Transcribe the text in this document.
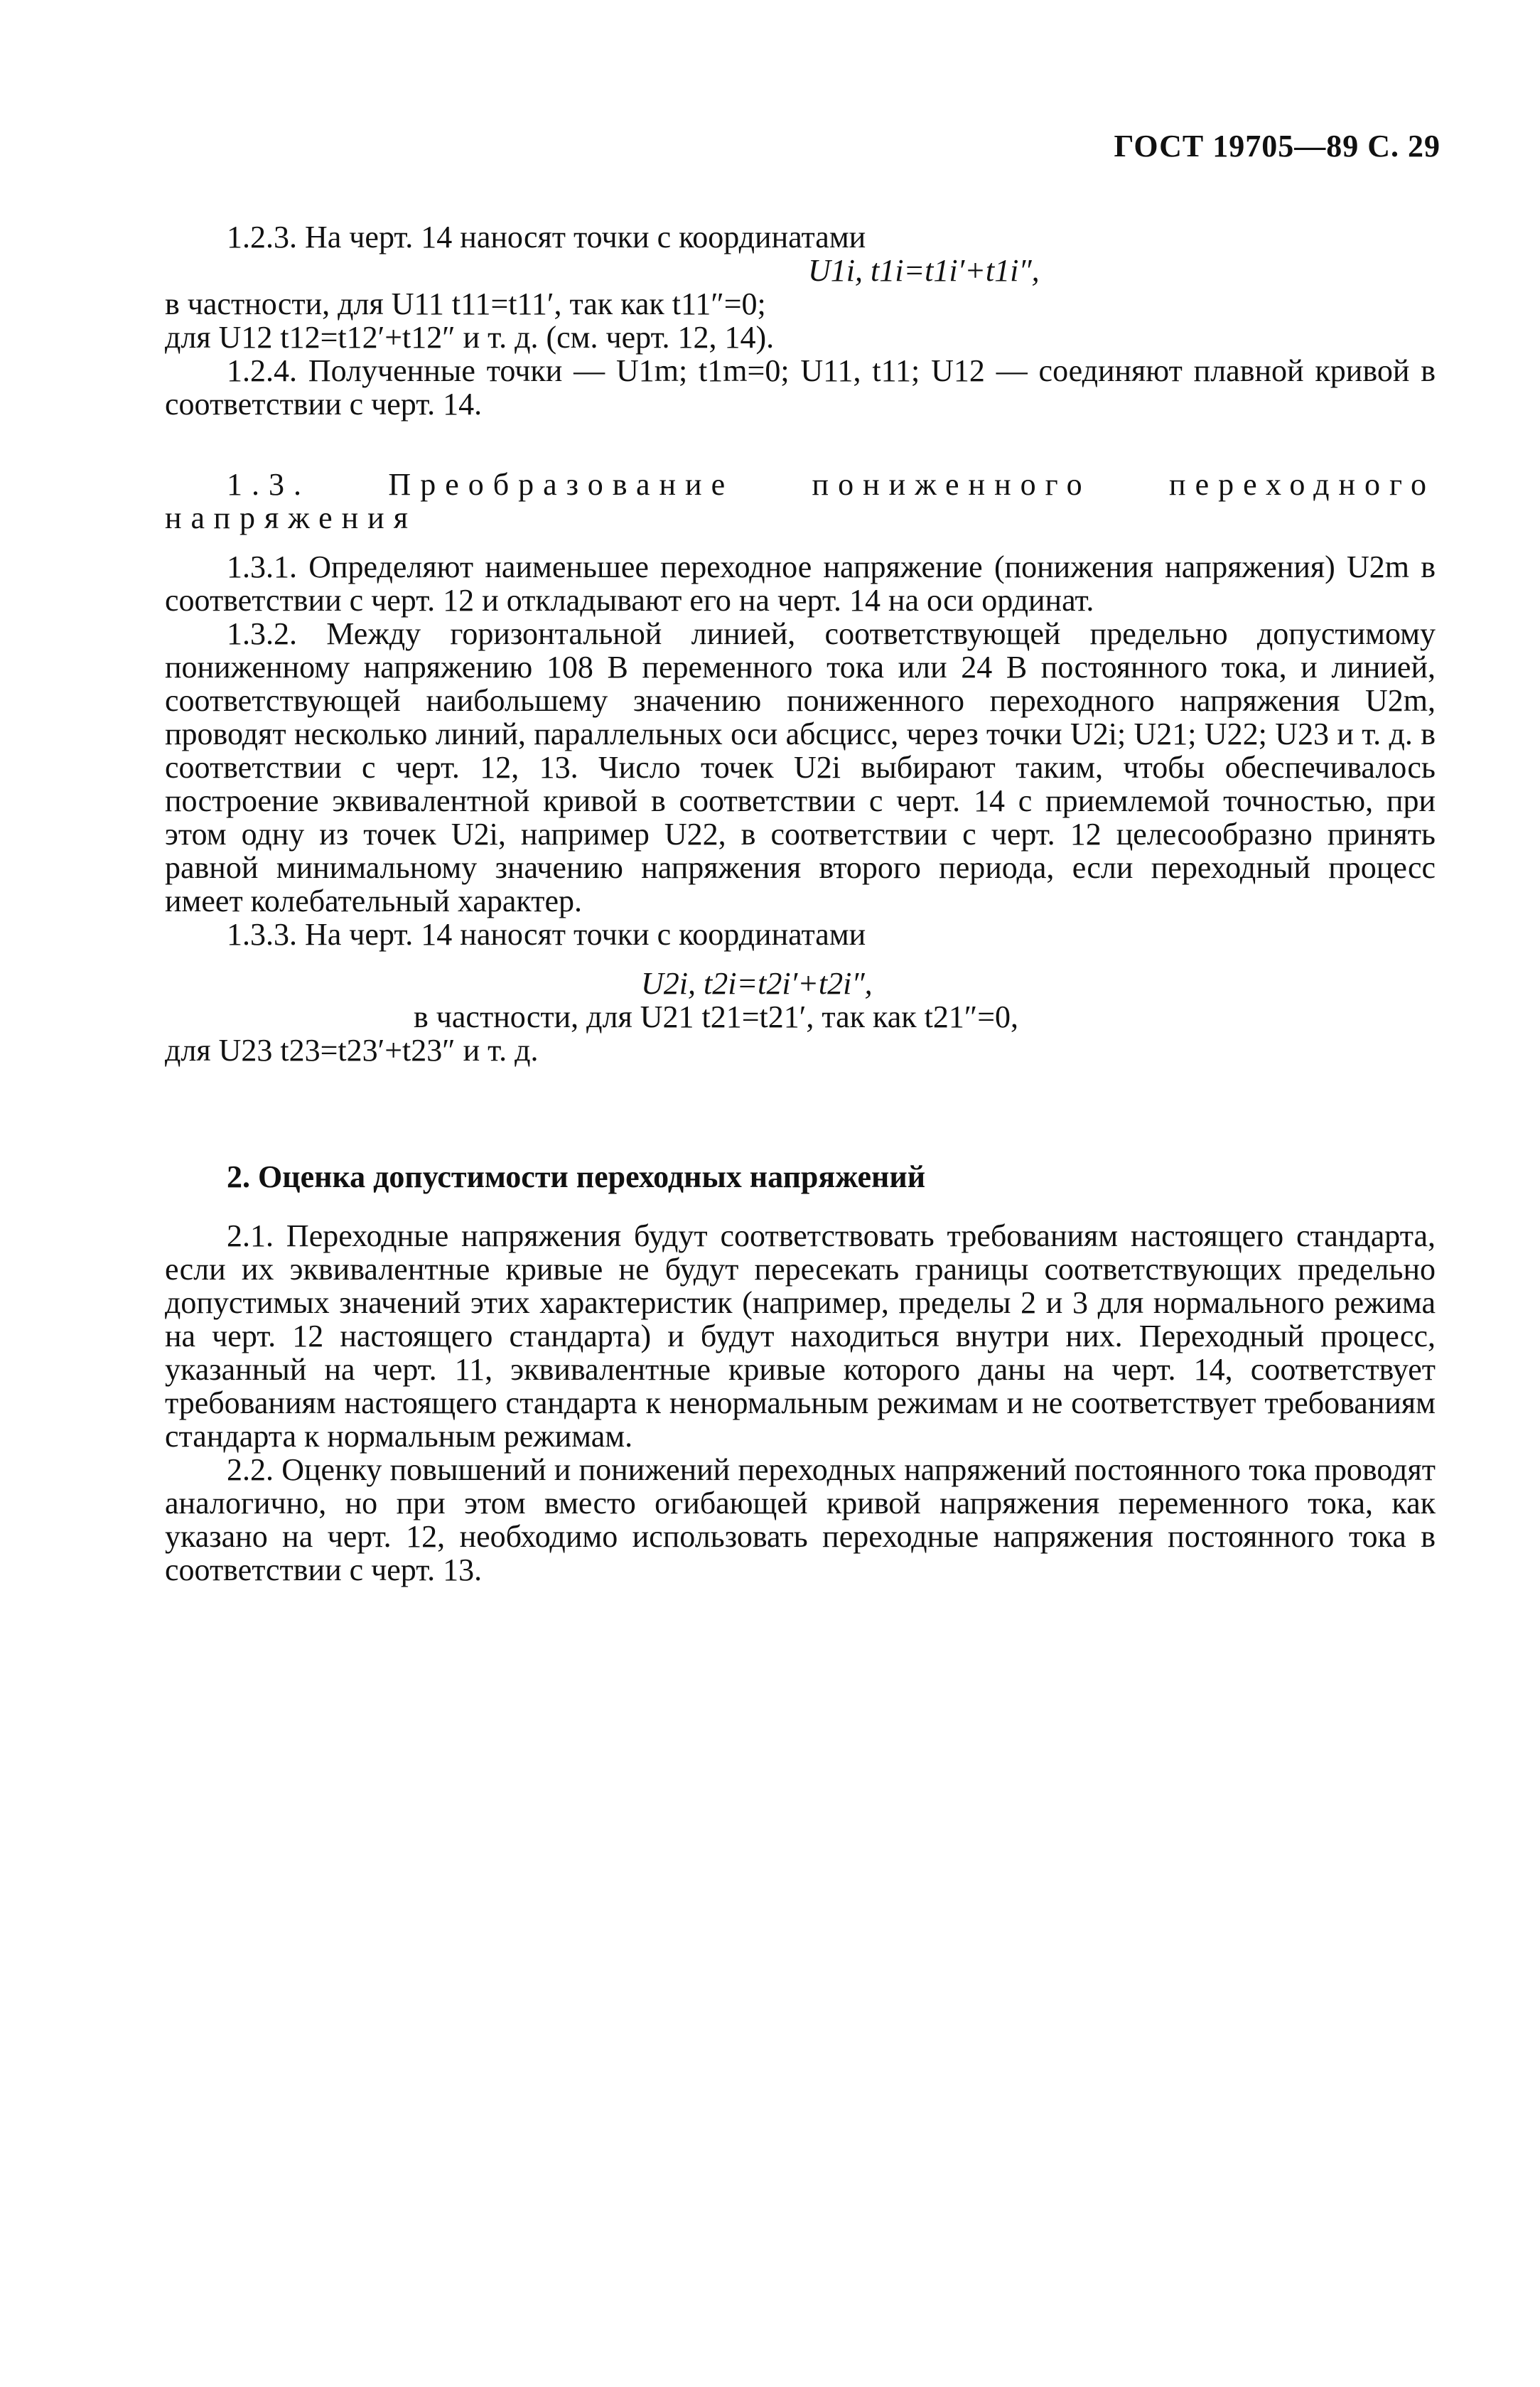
ГОСТ 19705—89 С. 29

1.2.3. На черт. 14 наносят точки с координатами

U1i, t1i=t1i′+t1i″,

в частности, для U11 t11=t11′, так как t11″=0;

для U12 t12=t12′+t12″ и т. д. (см. черт. 12, 14).

1.2.4. Полученные точки — U1m; t1m=0; U11, t11; U12 — соединяют плавной кривой в соответствии с черт. 14.

1.3. Преобразование пониженного переходного напряжения

1.3.1. Определяют наименьшее переходное напряжение (понижения напряжения) U2m в соответствии с черт. 12 и откладывают его на черт. 14 на оси ординат.

1.3.2. Между горизонтальной линией, соответствующей предельно допустимому пониженному напряжению 108 В переменного тока или 24 В постоянного тока, и линией, соответствующей наибольшему значению пониженного переходного напряжения U2m, проводят несколько линий, параллельных оси абсцисс, через точки U2i; U21; U22; U23 и т. д. в соответствии с черт. 12, 13. Число точек U2i выбирают таким, чтобы обеспечивалось построение эквивалентной кривой в соответствии с черт. 14 с приемлемой точностью, при этом одну из точек U2i, например U22, в соответствии с черт. 12 целесообразно принять равной минимальному значению напряжения второго периода, если переходный процесс имеет колебательный характер.

1.3.3. На черт. 14 наносят точки с координатами

U2i, t2i=t2i′+t2i″,

в частности, для U21 t21=t21′, так как t21″=0,

для U23 t23=t23′+t23″ и т. д.

2. Оценка допустимости переходных напряжений

2.1. Переходные напряжения будут соответствовать требованиям настоящего стандарта, если их эквивалентные кривые не будут пересекать границы соответствующих предельно допустимых значений этих характеристик (например, пределы 2 и 3 для нормального режима на черт. 12 настоящего стандарта) и будут находиться внутри них. Переходный процесс, указанный на черт. 11, эквивалентные кривые которого даны на черт. 14, соответствует требованиям настоящего стандарта к ненормальным режимам и не соответствует требованиям стандарта к нормальным режимам.

2.2. Оценку повышений и понижений переходных напряжений постоянного тока проводят аналогично, но при этом вместо огибающей кривой напряжения переменного тока, как указано на черт. 12, необходимо использовать переходные напряжения постоянного тока в соответствии с черт. 13.
